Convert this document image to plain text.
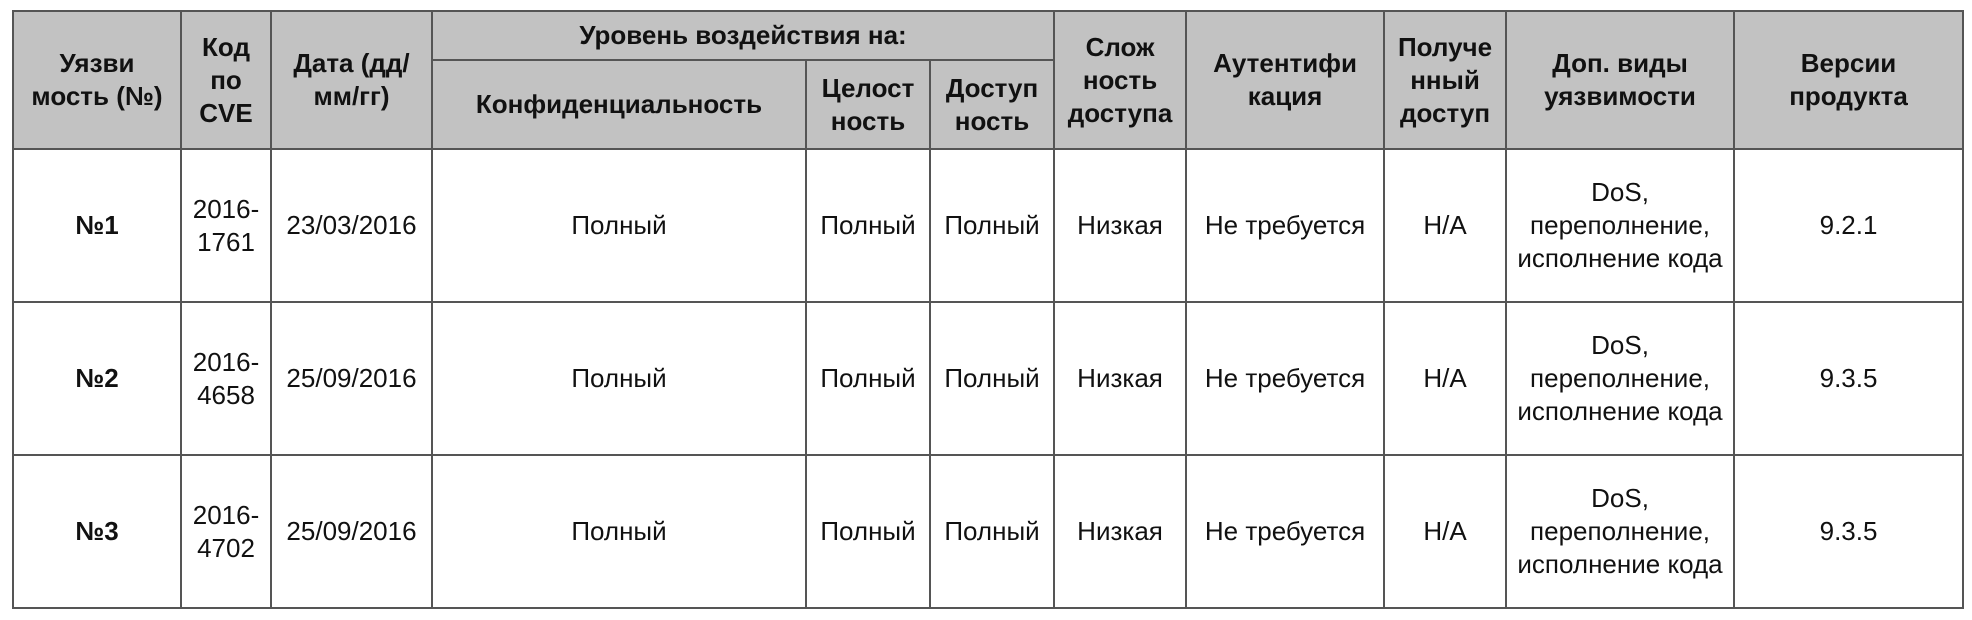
Уязви мость (№)	Код по CVE	Дата (дд/ мм/гг)	Уровень воздействия на:			Слож ность доступа	Аутентифи кация	Получе нный доступ	Доп. виды уязвимости	Версии продукта
			Конфиденциальность	Целост ность	Доступ ность					
№1	2016-1761	23/03/2016	Полный	Полный	Полный	Низкая	Не требуется	Н/А	DoS, переполнение, исполнение кода	9.2.1
№2	2016-4658	25/09/2016	Полный	Полный	Полный	Низкая	Не требуется	Н/А	DoS, переполнение, исполнение кода	9.3.5
№3	2016-4702	25/09/2016	Полный	Полный	Полный	Низкая	Не требуется	Н/А	DoS, переполнение, исполнение кода	9.3.5
